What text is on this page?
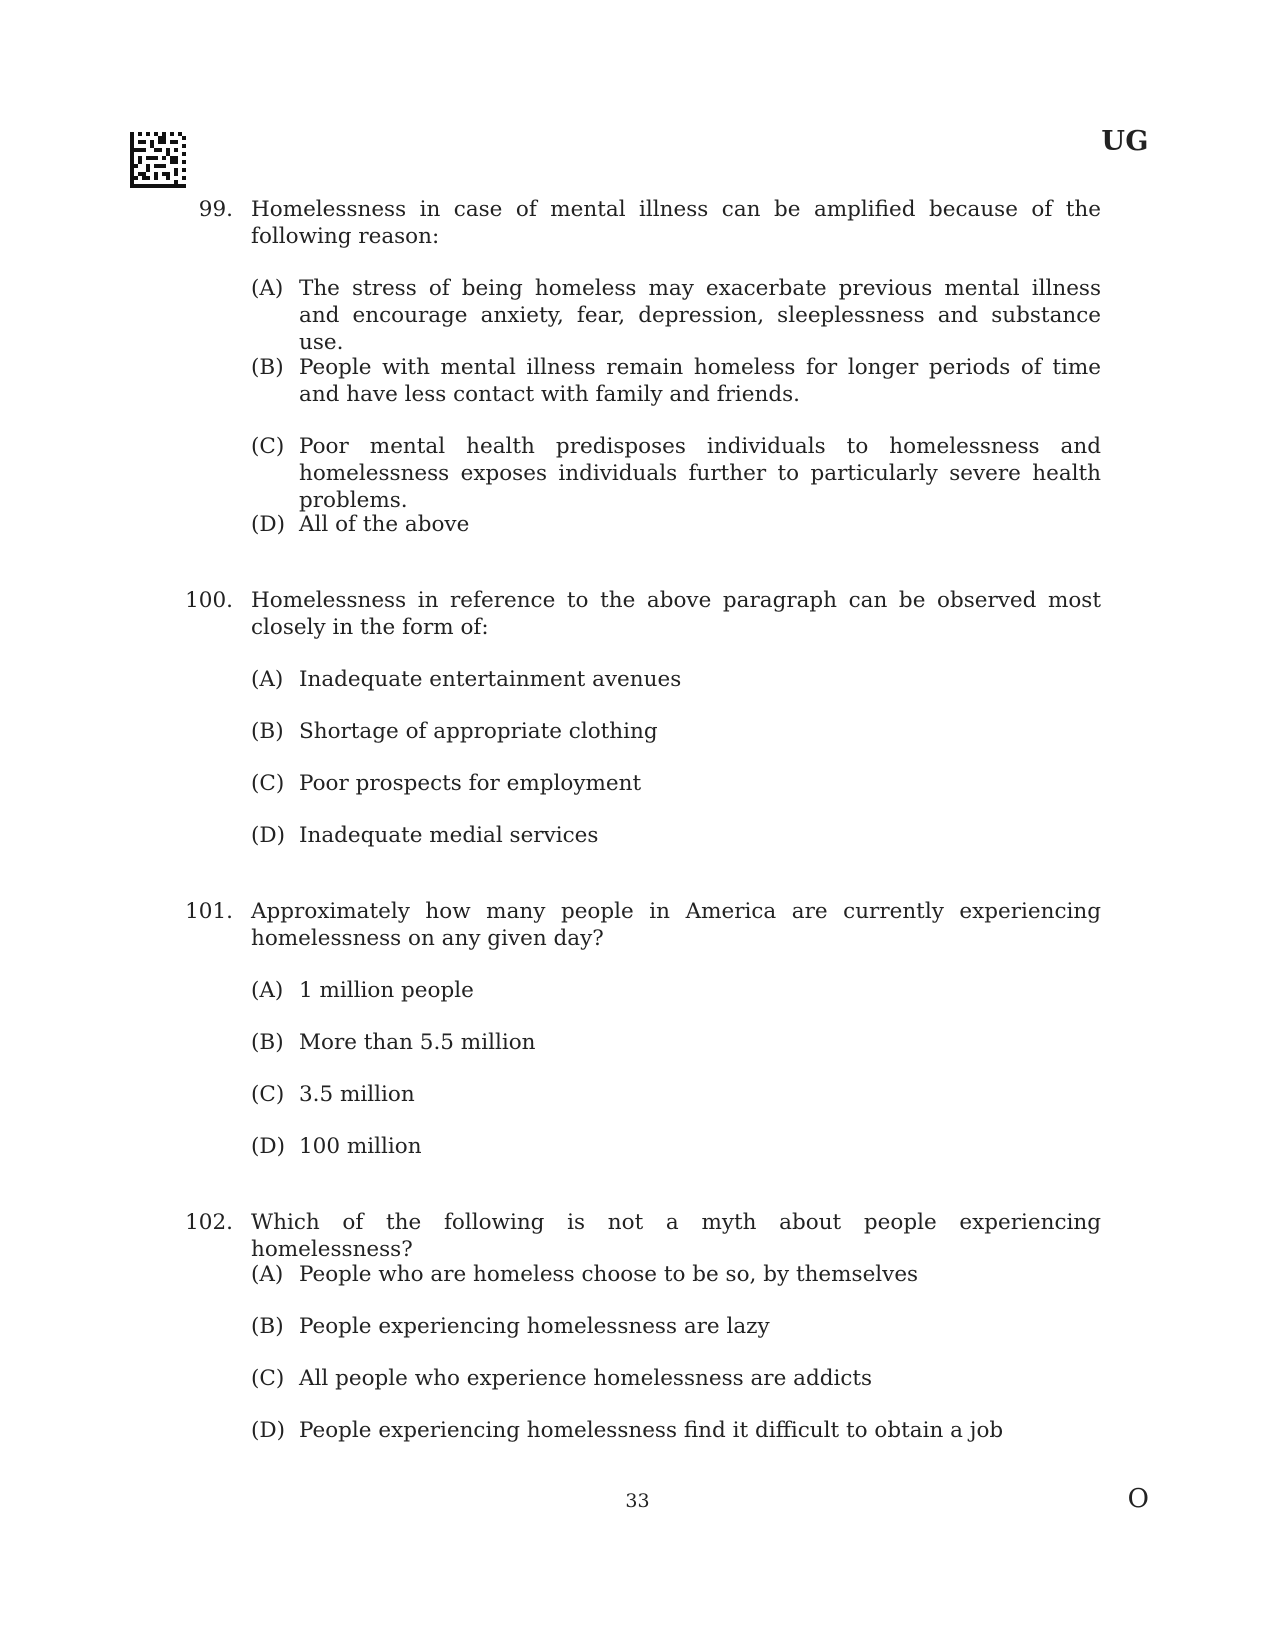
UG
99. Homelessness in case of mental illness can be amplified because of the following reason:
(A) The stress of being homeless may exacerbate previous mental illness and encourage anxiety, fear, depression, sleeplessness and substance use.
(B) People with mental illness remain homeless for longer periods of time and have less contact with family and friends.
(C) Poor mental health predisposes individuals to homelessness and homelessness exposes individuals further to particularly severe health problems.
(D) All of the above
100. Homelessness in reference to the above paragraph can be observed most closely in the form of:
(A) Inadequate entertainment avenues
(B) Shortage of appropriate clothing
(C) Poor prospects for employment
(D) Inadequate medial services
101. Approximately how many people in America are currently experiencing homelessness on any given day?
(A) 1 million people
(B) More than 5.5 million
(C) 3.5 million
(D) 100 million
102. Which of the following is not a myth about people experiencing homelessness?
(A) People who are homeless choose to be so, by themselves
(B) People experiencing homelessness are lazy
(C) All people who experience homelessness are addicts
(D) People experiencing homelessness find it difficult to obtain a job
33	O
